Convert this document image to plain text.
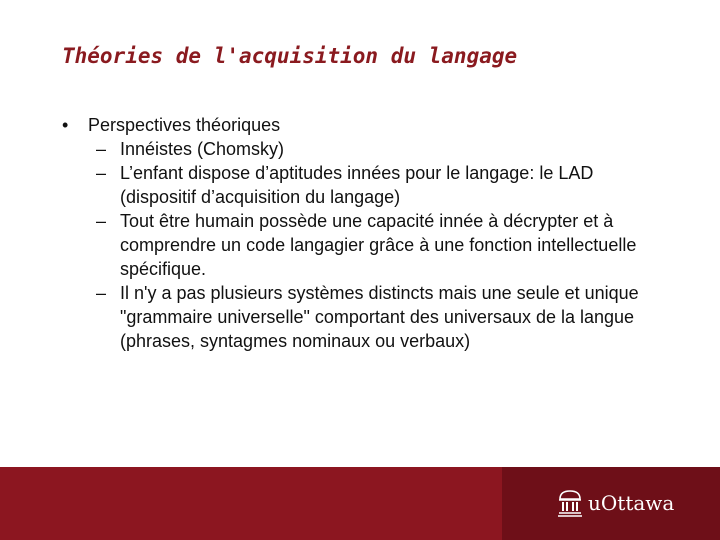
Théories de l'acquisition du langage
•	Perspectives théoriques
– Innéistes (Chomsky)
– L’enfant dispose d’aptitudes innées pour le langage: le LAD (dispositif d’acquisition du langage)
– Tout être humain possède une capacité innée à décrypter et à comprendre un code langagier grâce à une fonction intellectuelle spécifique.
– Il n'y a pas plusieurs systèmes distincts mais une seule et unique "grammaire universelle" comportant des universaux de la langue (phrases, syntagmes nominaux ou verbaux)
uOttawa
